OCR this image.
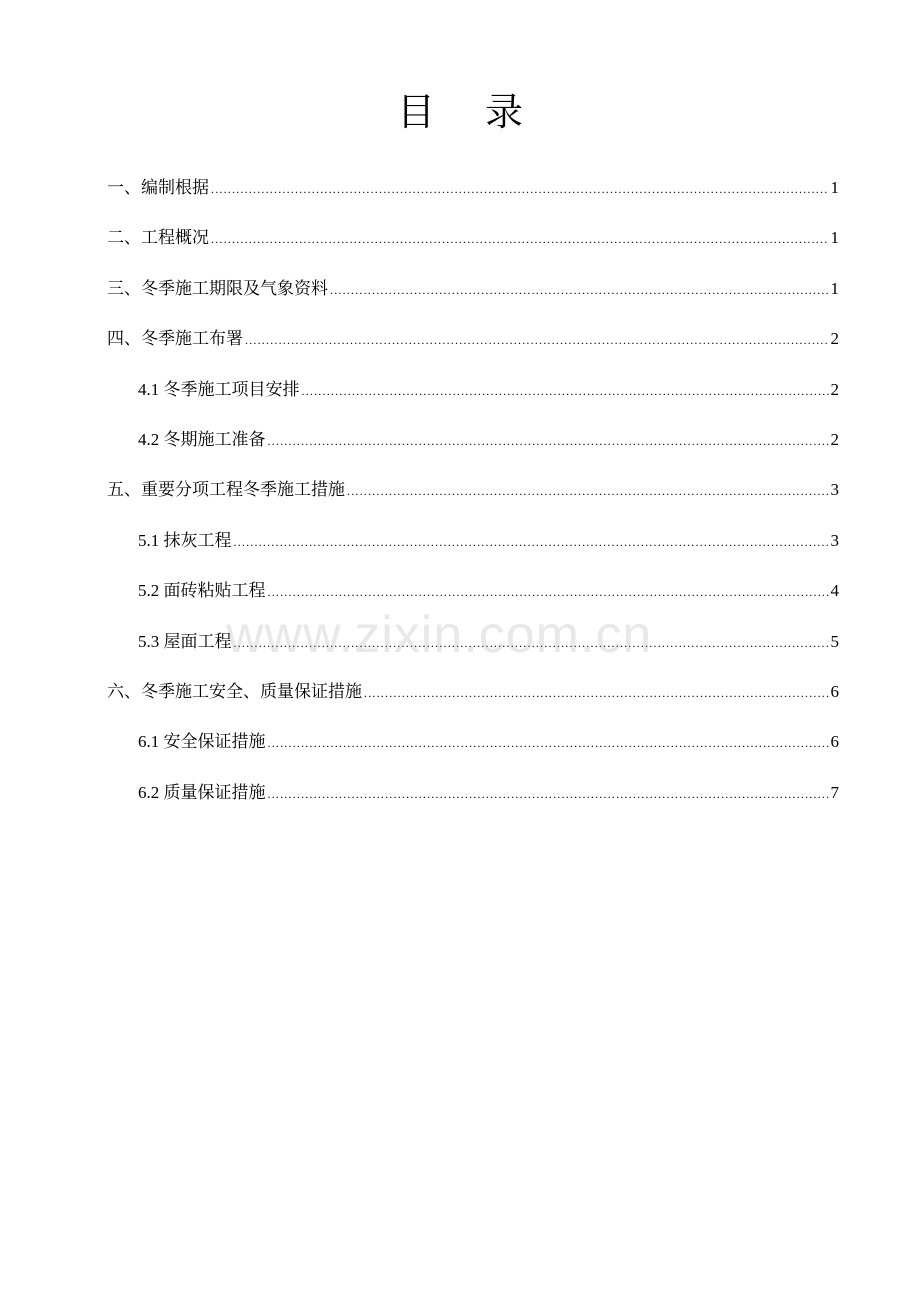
目录
一、编制根据 .....	1
二、工程概况 .....	1
三、冬季施工期限及气象资料 .....	1
四、冬季施工布署 .....	2
4.1 冬季施工项目安排 .....	2
4.2 冬期施工准备 .....	2
五、重要分项工程冬季施工措施 .....	3
5.1 抹灰工程 .....	3
5.2 面砖粘贴工程 .....	4
5.3 屋面工程 .....	5
六、冬季施工安全、质量保证措施 .....	6
6.1 安全保证措施 .....	6
6.2 质量保证措施 .....	7
www.zixin.com.cn
